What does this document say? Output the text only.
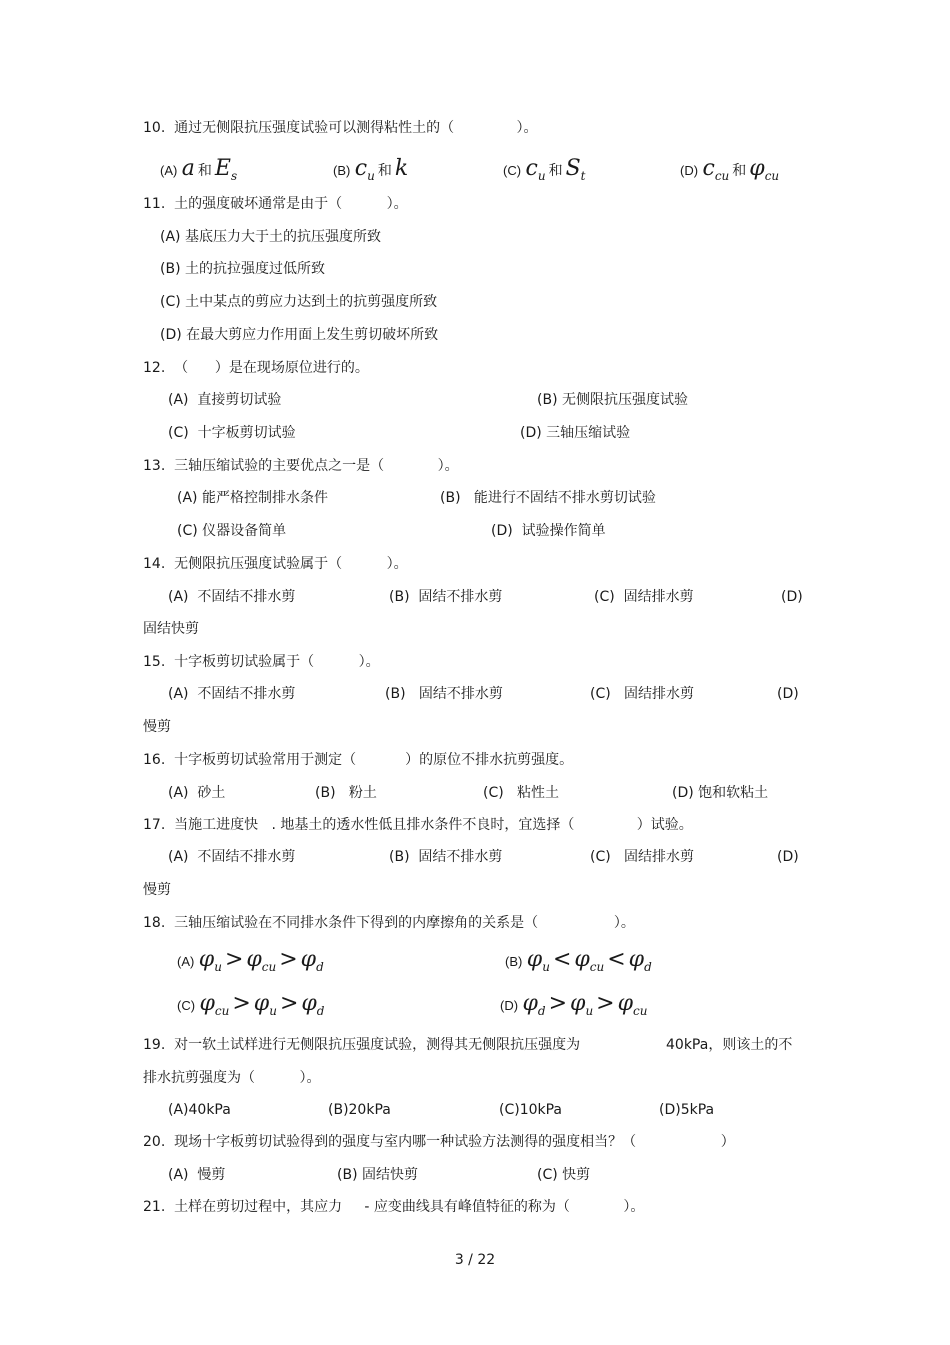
10.  通过无侧限抗压强度试验可以测得粘性土的（              ）。
(A) a 和 Es	(B) cu 和 k	(C) cu 和 St	(D) ccu 和 φcu
11.  土的强度破坏通常是由于（          ）。
(A) 基底压力大于土的抗压强度所致
(B) 土的抗拉强度过低所致
(C) 土中某点的剪应力达到土的抗剪强度所致
(D) 在最大剪应力作用面上发生剪切破坏所致
12.  （      ）是在现场原位进行的。
(A)  直接剪切试验	(B) 无侧限抗压强度试验
(C)  十字板剪切试验	(D) 三轴压缩试验
13.  三轴压缩试验的主要优点之一是（            ）。
(A) 能严格控制排水条件	(B)   能进行不固结不排水剪切试验
(C) 仪器设备简单	(D)  试验操作简单
14.  无侧限抗压强度试验属于（          ）。
(A)  不固结不排水剪	(B)  固结不排水剪	(C)  固结排水剪	(D)
固结快剪
15.  十字板剪切试验属于（          ）。
(A)  不固结不排水剪	(B)   固结不排水剪	(C)   固结排水剪	(D)
慢剪
16.  十字板剪切试验常用于测定（           ）的原位不排水抗剪强度。
(A)  砂土	(B)   粉土	(C)   粘性土	(D) 饱和软粘土
17.  当施工进度快   . 地基土的透水性低且排水条件不良时，宜选择（              ）试验。
(A)  不固结不排水剪	(B)  固结不排水剪	(C)   固结排水剪	(D)
慢剪
18.  三轴压缩试验在不同排水条件下得到的内摩擦角的关系是（                 ）。
(A) φu > φcu > φd	(B) φu < φcu < φd
(C) φcu > φu > φd	(D) φd > φu > φcu
19.  对一软土试样进行无侧限抗压强度试验，测得其无侧限抗压强度为	40kPa，则该土的不
排水抗剪强度为（          ）。
(A)40kPa	(B)20kPa	(C)10kPa	(D)5kPa
20.  现场十字板剪切试验得到的强度与室内哪一种试验方法测得的强度相当？（                   ）
(A)  慢剪	(B) 固结快剪	(C) 快剪
21.  土样在剪切过程中，其应力     - 应变曲线具有峰值特征的称为（            ）。
3 / 22
